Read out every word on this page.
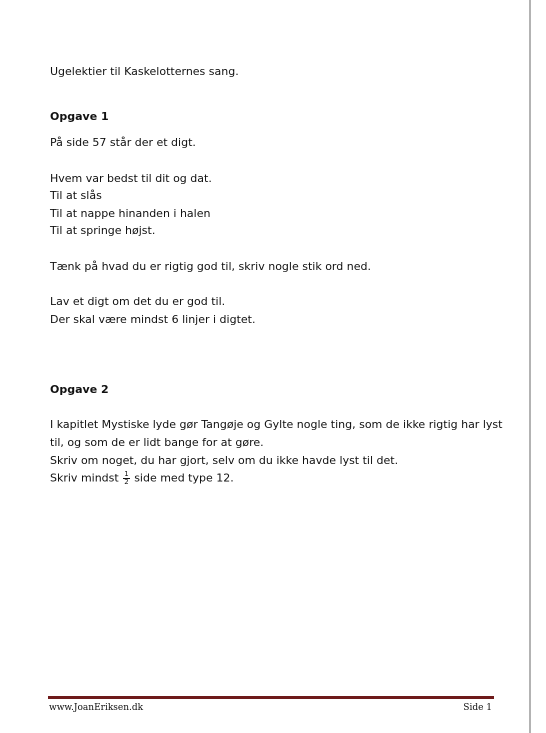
Ugelektier til Kaskelotternes sang.
Opgave 1
På side 57 står der et digt.
Hvem var bedst til dit og dat.
Til at slås
Til at nappe hinanden i halen
Til at springe højst.
Tænk på hvad du er rigtig god til, skriv nogle stik ord ned.
Lav et digt om det du er god til.
Der skal være mindst 6 linjer i digtet.
Opgave 2
I kapitlet Mystiske lyde gør Tangøje og Gylte nogle ting, som de ikke rigtig har lyst
til, og som de er lidt bange for at gøre.
Skriv om noget, du har gjort, selv om du ikke havde lyst til det.
Skriv mindst $\frac{1}{2}$ side med type 12.
www.JoanEriksen.dk	Side 1
